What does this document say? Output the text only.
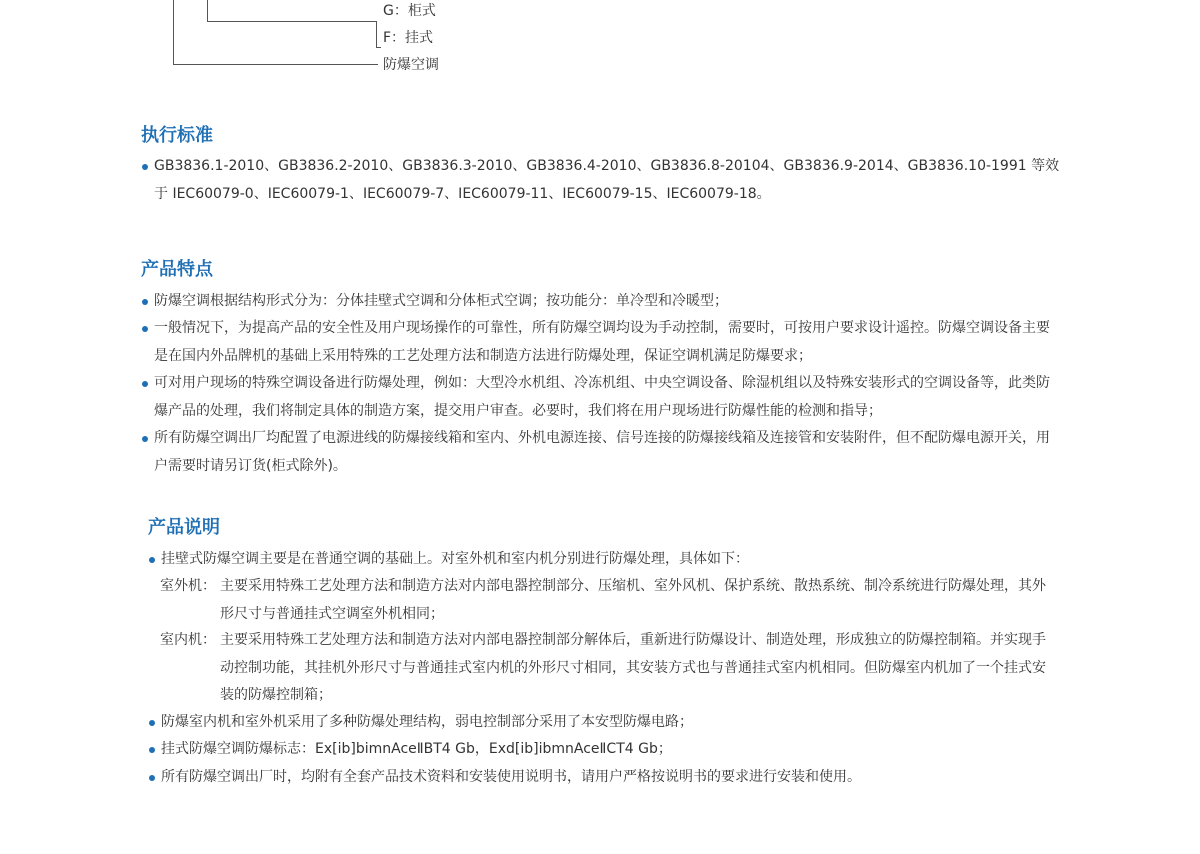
G：柜式
F：挂式
防爆空调
执行标准
GB3836.1-2010、GB3836.2-2010、GB3836.3-2010、GB3836.4-2010、GB3836.8-20104、GB3836.9-2014、GB3836.10-1991 等效于 IEC60079-0、IEC60079-1、IEC60079-7、IEC60079-11、IEC60079-15、IEC60079-18。
产品特点
防爆空调根据结构形式分为：分体挂壁式空调和分体柜式空调；按功能分：单冷型和冷暖型；
一般情况下，为提高产品的安全性及用户现场操作的可靠性，所有防爆空调均设为手动控制，需要时，可按用户要求设计遥控。防爆空调设备主要是在国内外品牌机的基础上采用特殊的工艺处理方法和制造方法进行防爆处理，保证空调机满足防爆要求；
可对用户现场的特殊空调设备进行防爆处理，例如：大型冷水机组、冷冻机组、中央空调设备、除湿机组以及特殊安装形式的空调设备等，此类防爆产品的处理，我们将制定具体的制造方案，提交用户审查。必要时，我们将在用户现场进行防爆性能的检测和指导；
所有防爆空调出厂均配置了电源进线的防爆接线箱和室内、外机电源连接、信号连接的防爆接线箱及连接管和安装附件，但不配防爆电源开关，用户需要时请另订货(柜式除外)。
产品说明
挂壁式防爆空调主要是在普通空调的基础上。对室外机和室内机分别进行防爆处理，具体如下：
室外机： 主要采用特殊工艺处理方法和制造方法对内部电器控制部分、压缩机、室外风机、保护系统、散热系统、制冷系统进行防爆处理，其外形尺寸与普通挂式空调室外机相同；
室内机： 主要采用特殊工艺处理方法和制造方法对内部电器控制部分解体后，重新进行防爆设计、制造处理，形成独立的防爆控制箱。并实现手动控制功能，其挂机外形尺寸与普通挂式室内机的外形尺寸相同，其安装方式也与普通挂式室内机相同。但防爆室内机加了一个挂式安装的防爆控制箱；
防爆室内机和室外机采用了多种防爆处理结构，弱电控制部分采用了本安型防爆电路；
挂式防爆空调防爆标志：Ex[ib]bimnAceⅡBT4 Gb，Exd[ib]ibmnAceⅡCT4 Gb；
所有防爆空调出厂时，均附有全套产品技术资料和安装使用说明书，请用户严格按说明书的要求进行安装和使用。
